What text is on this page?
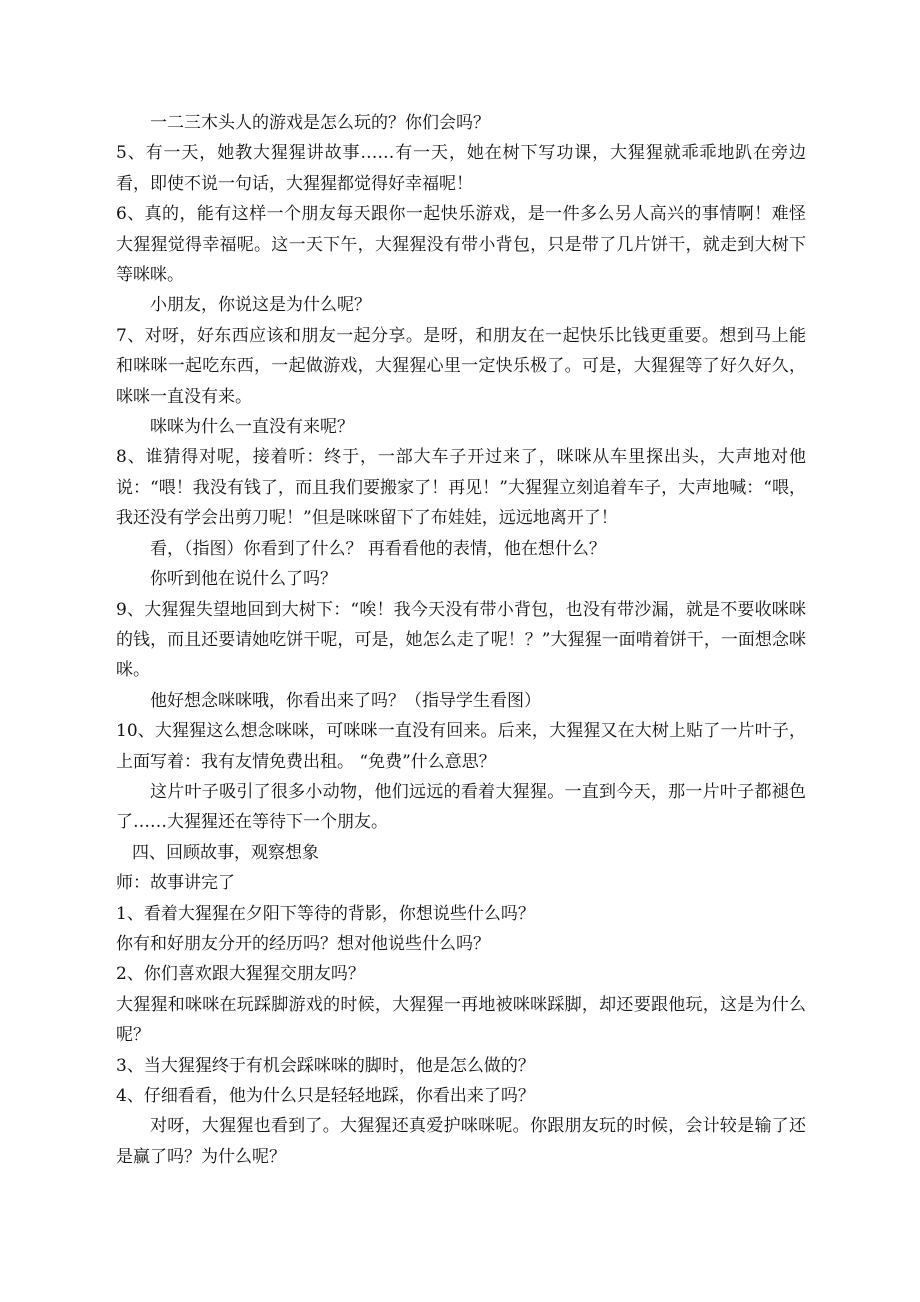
一二三木头人的游戏是怎么玩的？你们会吗？

5、有一天，她教大猩猩讲故事……有一天，她在树下写功课，大猩猩就乖乖地趴在旁边看，即使不说一句话，大猩猩都觉得好幸福呢！

6、真的，能有这样一个朋友每天跟你一起快乐游戏，是一件多么另人高兴的事情啊！难怪大猩猩觉得幸福呢。这一天下午，大猩猩没有带小背包，只是带了几片饼干，就走到大树下等咪咪。

小朋友，你说这是为什么呢？

7、对呀，好东西应该和朋友一起分享。是呀，和朋友在一起快乐比钱更重要。想到马上能和咪咪一起吃东西，一起做游戏，大猩猩心里一定快乐极了。可是，大猩猩等了好久好久，咪咪一直没有来。

咪咪为什么一直没有来呢？

8、谁猜得对呢，接着听：终于，一部大车子开过来了，咪咪从车里探出头，大声地对他说：“喂！我没有钱了，而且我们要搬家了！再见！”大猩猩立刻追着车子，大声地喊：“喂，我还没有学会出剪刀呢！”但是咪咪留下了布娃娃，远远地离开了！

看，（指图）你看到了什么？ 再看看他的表情，他在想什么？

你听到他在说什么了吗？

9、大猩猩失望地回到大树下：“唉！我今天没有带小背包，也没有带沙漏，就是不要收咪咪的钱，而且还要请她吃饼干呢，可是，她怎么走了呢！？”大猩猩一面啃着饼干，一面想念咪咪。

他好想念咪咪哦，你看出来了吗？（指导学生看图）

10、大猩猩这么想念咪咪，可咪咪一直没有回来。后来，大猩猩又在大树上贴了一片叶子，上面写着：我有友情免费出租。 “免费”什么意思？

这片叶子吸引了很多小动物，他们远远的看着大猩猩。一直到今天，那一片叶子都褪色了……大猩猩还在等待下一个朋友。

四、回顾故事，观察想象

师：故事讲完了

1、看着大猩猩在夕阳下等待的背影，你想说些什么吗？

你有和好朋友分开的经历吗？想对他说些什么吗？

2、你们喜欢跟大猩猩交朋友吗？

大猩猩和咪咪在玩踩脚游戏的时候，大猩猩一再地被咪咪踩脚，却还要跟他玩，这是为什么呢？

3、当大猩猩终于有机会踩咪咪的脚时，他是怎么做的？

4、仔细看看，他为什么只是轻轻地踩，你看出来了吗？

对呀，大猩猩也看到了。大猩猩还真爱护咪咪呢。你跟朋友玩的时候，会计较是输了还是赢了吗？为什么呢？
